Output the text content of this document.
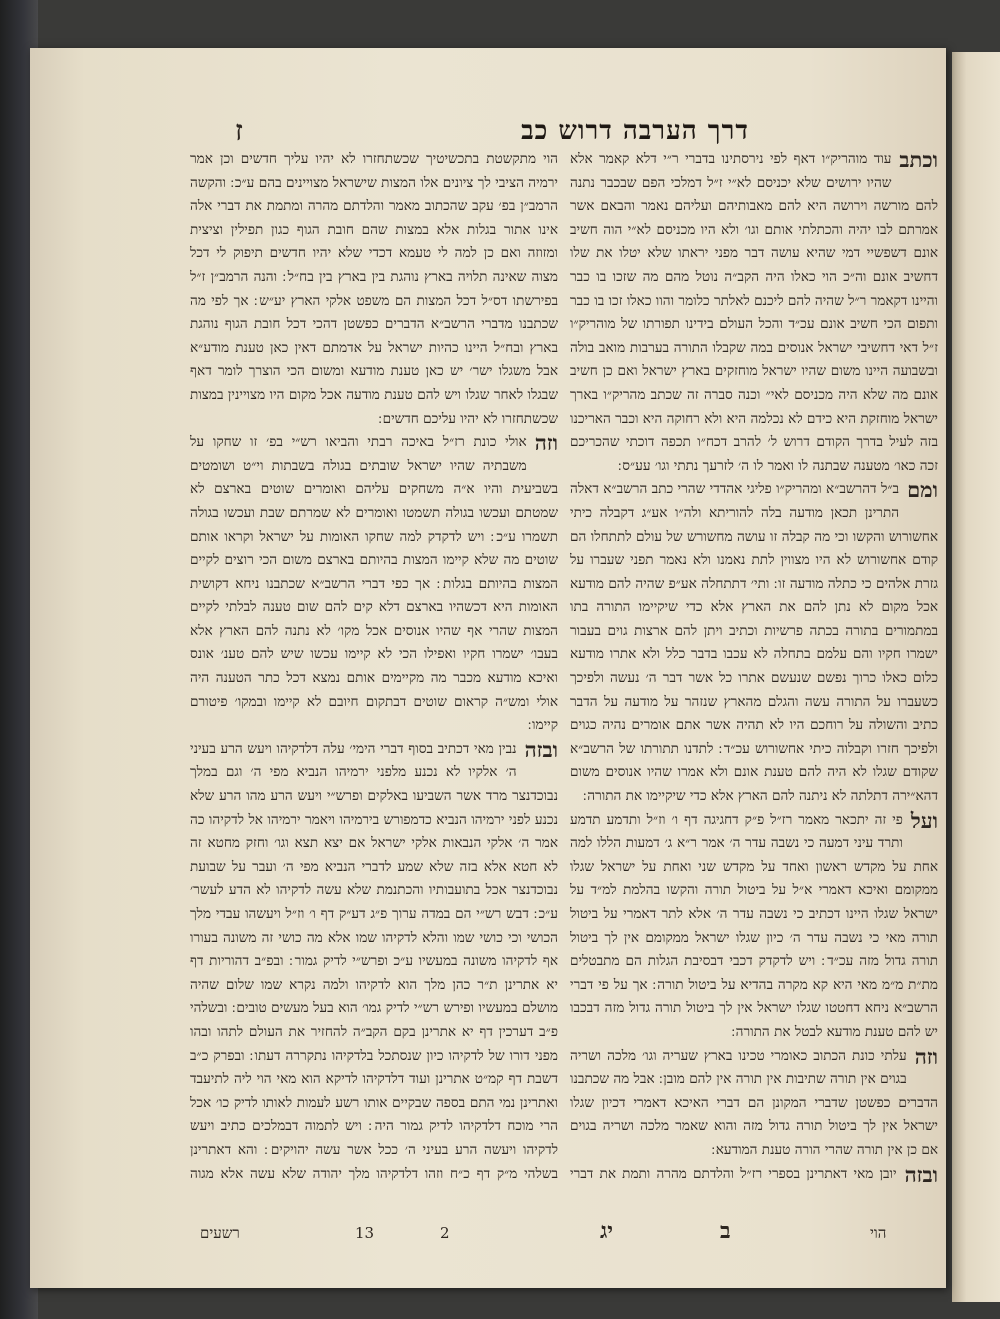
דרך הערבה דרוש כב
ז

וכתב
עוד מוהריק״ו דאף לפי נירסתינו בדברי ר״י דלא קאמר אלא שהיו ירושים שלא יכניסם לא״י ז״ל דמלכי הפם שבכבר נתנה להם מורשה וירושה היא להם מאבותיהם ועליהם נאמר והבאם אשר אמרתם לבו יהיה והכתלתי אותם וגו׳ ולא היו מכניסם לא״י הוה חשיב אונם דשפשיי דמי שהיא עושה דבר מפני יראתו שלא יטלו את שלו דחשיב אונם וה״כ הוי כאלו היה הקב״ה נוטל מהם מה שזכו בו כבר והיינו דקאמר ר״ל שהיה להם ליכנם לאלתר כלומר והוו כאלו זכו בו כבר ותפום הכי חשיב אונם עכ״ד והכל העולם בידינו תפורתו של מוהריק״ו ז״ל דאי דחשיבי ישראל אנוסים במה שקבלו התורה בערבות מואב בולה ובשבועה היינו משום שהיו ישראל מוחזקים בארץ ישראל ואם כן חשיב אונם מה שלא היה מכניסם לאי״ וכנה סברה זה שכתב מהריק״ו בארך ישראל מוחזקת היא כידם לא נכלמה היא ולא רחוקה היא וכבר האריכנו בזה לעיל בדרך הקודם דרוש ל׳ להרב דכח״ו תכפה דוכתי שהכריכם זכה כאו׳ מטענה שבתנה לו ואמר לו ה׳ לזרעך נתתי וגו׳ עע״ס ׃

ומם
ב״ל דהרשב״א ומהריק״ו פליגי אהדדי שהרי כתב הרשב״א דאלה התרינן תכאן מודעה בלה להוריתא ולה״ו אע״ג דקבלה כיתי אחשורוש והקשו וכי מה קבלה זו עושה מחשורש של עולם לתתחלו הם קודם אחשורוש לא היו מצווין לתת נאמנו ולא נאמר תפני שעברו על גזרת אלהים כי כתלה מודעה זו ׃ ותי׳ דתתחלה אע״פ שהיה להם מודעא אכל מקום לא נתן להם את הארץ אלא כדי שיקיימו התורה בתו במתמורים בתורה בכתה פרשיות וכתיב ויתן להם ארצות גוים בעבור ישמרו חקיו והם עלמם בתחלה לא עכבו בדבר כלל ולא אתרו מודעא כלום כאלו כרוך נפשם שנעשם אתרו כל אשר דבר ה׳ נעשה ולפיכך כשעברו על התורה עשה והגלם מהארץ שנזהר על מודעה על הדבר כתיב והשולה על רוחכם היו לא תהיה אשר אתם אומרים נהיה כגוים ולפיכך חזרו וקבלוה כיתי אחשורוש עכ״ד ׃ לתדנו תתורתו של הרשב״א שקודם שגלו לא היה להם טענת אונם ולא אמרו שהיו אנוסים משום דהא״ירה דתלתה לא ניתנה להם הארץ אלא כדי שיקיימו את התורה ׃

ועל
פי זה יתכאר מאמר רז״ל פ״ק דחגיגה דף ו׳ וז״ל ותדמע תדמע ותרד עיני דמעה כי נשבה עדר ה׳ אמר ר״א ג׳ דמעות הללו למה אחת על מקדש ראשון ואחד על מקדש שני ואחת על ישראל שגלו ממקומם ואיכא דאמרי א״ל על ביטול תורה והקשו בהלמת למ״ד על ישראל שגלו היינו דכתיב כי נשבה עדר ה׳ אלא לתר דאמרי על ביטול תורה מאי כי נשבה עדר ה׳ כיון שגלו ישראל ממקומם אין לך ביטול תורה גדול מזה עכ״ד ׃ ויש לדקדק דכבי דבסיבת הגלות הם מתבטלים מת״ת מ״מ מאי היא קא מקרה בהדיא על ביטול תורה ׃ אך על פי דברי הרשב״א ניחא דחטטו שגלו ישראל אין לך ביטול תורה גדול מזה דבכבו יש להם טענת מודעא לבטל את התורה ׃

וזה
עלתי כונת הכתוב כאומרי טכינו בארץ שעריה וגו׳ מלכה ושריה בגוים אין תורה שתיבות אין תורה אין להם מובן ׃ אבל מה שכתבנו הדברים כפשטן שדברי המקונן הם דברי האיכא דאמרי דכיון שגלו ישראל אין לך ביטול תורה גדול מזה והוא שאמר מלכה ושריה בגוים אם כן אין תורה שהרי הורה טענת המודעא ׃

ובזה
יובן מאי דאתרינן בספרי רז״ל והלדתם מהרה ותמת את דברי

הוי מתקשטת בתכשיטיך שכשתחזרו לא יהיו עליך חדשים וכן אמר ירמיה הציבי לך ציונים אלו המצות שישראל מצויינים בהם ע״כ ׃ והקשה הרמב״ן בפ׳ עקב שהכתוב מאמר והלדתם מהרה ומתמת את דברי אלה אינו אתור בגלות אלא במצות שהם חובת הגוף כגון תפילין וציצית ומזוזה ואם כן למה לי טעמא דכדי שלא יהיו חדשים תיפוק לי דכל מצוה שאינה תלויה בארץ נוהגת בין בארץ בין בח״ל ׃ והנה הרמב״ן ז״ל בפירשתו דס״ל דכל המצות הם משפט אלקי הארץ יע״ש ׃ אך לפי מה שכתבנו מדברי הרשב״א הדברים כפשטן דהכי דכל חובת הגוף נוהגת בארץ ובח״ל היינו כהיות ישראל על אדמתם דאין כאן טענת מודע״א אבל משגלו ישר׳ יש כאן טענת מודעא ומשום הכי הוצרך לומר דאף שבגלו לאחר שגלו ויש להם טענת מודעה אכל מקום היו מצויינין במצות שכשתחזרו לא יהיו עליכם חדשים ׃

וזה
אולי כונת רז״ל באיכה רבתי והביאו רש״י בפ׳ זו שחקו על משבתיה שהיו ישראל שובתים בגולה בשבתות וי״ט ושומטים בשביעית והיו א״ה משחקים עליהם ואומרים שוטים בארצם לא שמטתם ועכשו בגולה תשמטו ואומרים לא שמרתם שבת ועכשו בגולה תשמרו ע״כ ׃ ויש לדקדק למה שחקו האומות על ישראל וקראו אותם שוטים מה שלא קיימו המצות בהיותם בארצם משום הכי רוצים לקיים המצות בהיותם בגלות ׃ אך כפי דברי הרשב״א שכתבנו ניחא דקושית האומות היא דכשהיו בארצם דלא קים להם שום טענה לבלתי לקיים המצות שהרי אף שהיו אנוסים אכל מקו׳ לא נתנה להם הארץ אלא בעבו׳ ישמרו חקיו ואפילו הכי לא קיימו עכשו שיש להם טענ׳ אונס ואיכא מודעא מכבר מה מקיימים אותם נמצא דכל כתר הטענה היה אולי ומש״ה קראום שוטים דבתקום חיובם לא קיימו ובמקו׳ פיטורם קיימו ׃

ובזה
נבין מאי דכתיב בסוף דברי הימי׳ עלה דלדקיהו ויעש הרע בעיני ה׳ אלקיו לא נכנע מלפני ירמיהו הנביא מפי ה׳ וגם במלך נבוכדנצר מרד אשר השביעו באלקים ופרש״י ויעש הרע מהו הרע שלא נכנע לפני ירמיהו הנביא כדמפורש בירמיהו ויאמר ירמיהו אל לדקיהו כה אמר ה׳ אלקי הנבאות אלקי ישראל אם יצא תצא וגו׳ וחזק מחטא זה לא חטא אלא בזה שלא שמע לדברי הנביא מפי ה׳ ועבר על שבועת נבוכדנצר אכל בתועבותיו והכתנמת שלא עשה לדקיהו לא הדע לעשר׳ ע״כ ׃ דבש רש״י הם במדה ערוך פ״ג דע״ק דף ו׳ וז״ל ויעשהו עבדי מלך הכושי וכי כושי שמו והלא לדקיהו שמו אלא מה כושי זה משונה בעורו אף לדקיהו משונה במעשיו ע״כ ופרש״י לדיק גמור ׃ ובפ״ב דהוריות דף יא אתרינן ת״ר כהן מלך הוא לדקיהו ולמה נקרא שמו שלום שהיה מושלם במעשיו ופירש רש״י לדיק גמו׳ הוא בעל מעשים טובים ׃ ובשלהי פ״ב דערכין דף יא אתרינן בקם הקב״ה להחזיר את העולם לתהו ובהו מפני דורו של לדקיהו כיון שנסתכל בלדקיהו נתקררה דעתו ׃ ובפרק כ״ב דשבת דף קמ״ט אתרינן ועוד דלדקיהו לדיקא הוא מאי הוי ליה לתיעבד ואתרינן נמי התם בספה שבקיים אותו רשע לעמות לאותו לדיק כו׳ אכל הרי מוכח דלדקיהו לדיק גמור היה ׃ ויש לתמוה דבמלכים כתיב ויעש לדקיהו ויעשה הרע בעיני ה׳ ככל אשר עשה יהויקים ׃ והא דאתרינן בשלהי מ״ק דף כ״ח וזהו דלדקיהו מלך יהודה שלא עשה אלא מגוה

הוי
ב
יג
2
13
רשעים
